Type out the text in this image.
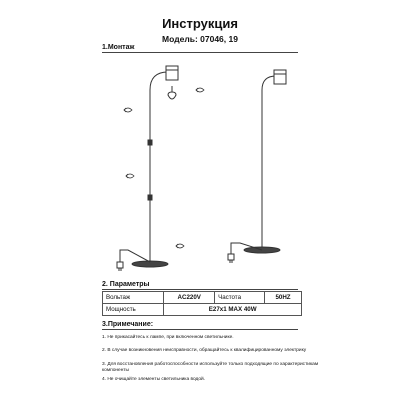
Инструкция
Модель: 07046, 19
1.Монтаж
2. Параметры
Вольтаж	AC220V	Частота	50HZ
Мощность	E27x1 MAX 40W		
3.Примечание:
1. Не прикасайтесь к лампе, при включенном светильнике.
2. В случае возникновения неисправности, обращайтесь к квалифицированному электрику
3. Для восстановления работоспособности используйте только подходящие по характеристикам компоненты
4. Не очищайте элементы светильника водой.
